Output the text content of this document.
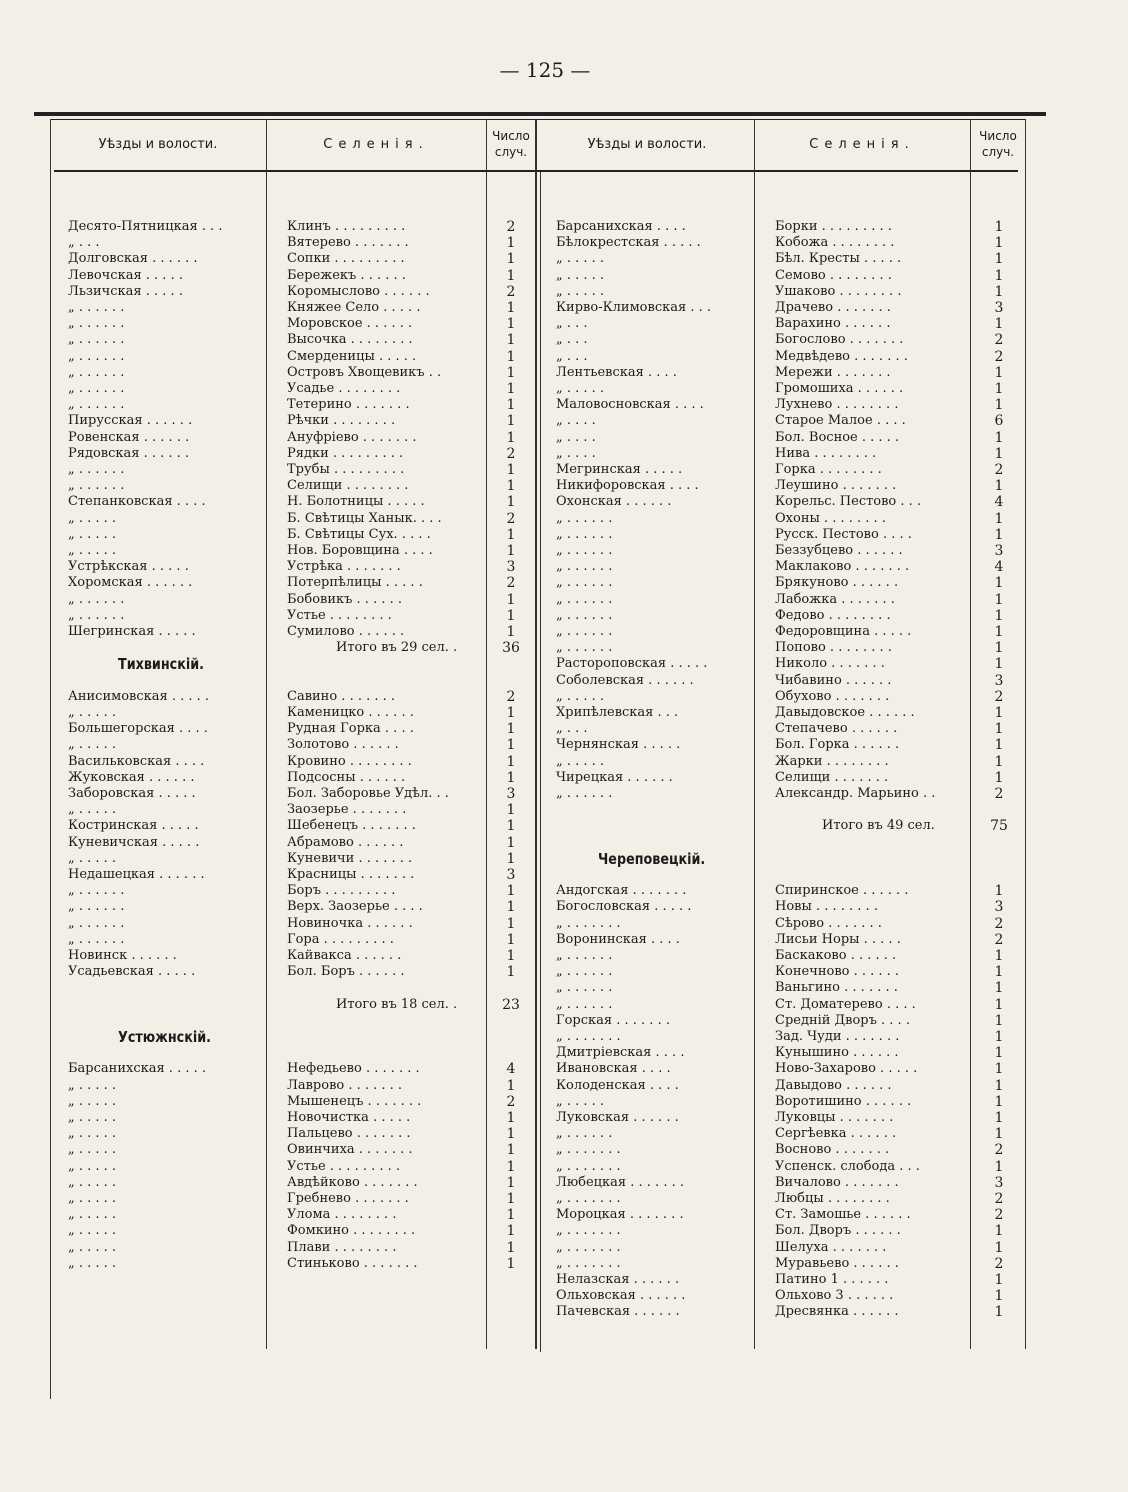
— 125 —
Уѣзды и волости.	Селенія.
Число
случ.
Уѣзды и волости.	Селенія.
Число
случ.
Десято-Пятницкая . . .	Клинъ . . . . . . . . .	2
„ . . .	Вятерево . . . . . . .	1
Долговская . . . . . .	Сопки . . . . . . . . .	1
Левочская . . . . .	Бережекъ . . . . . .	1
Льзичская . . . . .	Коромыслово . . . . . .	2
„ . . . . . .	Княжее Село . . . . .	1
„ . . . . . .	Моровское . . . . . .	1
„ . . . . . .	Высочка . . . . . . . .	1
„ . . . . . .	Смерденицы . . . . .	1
„ . . . . . .	Островъ Хвощевикъ . .	1
„ . . . . . .	Усадье . . . . . . . .	1
„ . . . . . .	Тетерино . . . . . . .	1
Пирусская . . . . . .	Рѣчки . . . . . . . .	1
Ровенская . . . . . .	Ануфріево . . . . . . .	1
Рядовская . . . . . .	Рядки . . . . . . . . .	2
„ . . . . . .	Трубы . . . . . . . . .	1
„ . . . . . .	Селищи . . . . . . . .	1
Степанковская . . . .	Н. Болотницы . . . . .	1
„ . . . . .	Б. Свѣтицы Ханык. . . .	2
„ . . . . .	Б. Свѣтицы Сух. . . . .	1
„ . . . . .	Нов. Боровщина . . . .	1
Устрѣкская . . . . .	Устрѣка . . . . . . .	3
Хоромская . . . . . .	Потерпѣлицы . . . . .	2
„ . . . . . .	Бобовикъ . . . . . .	1
„ . . . . . .	Устье . . . . . . . .	1
Шегринская . . . . .	Сумилово . . . . . .	1
Итого въ 29 сел. .	36
Тихвинскій.
Анисимовская . . . . .	Савино . . . . . . .	2
„ . . . . .	Каменицко . . . . . .	1
Большегорская . . . .	Рудная Горка . . . .	1
„ . . . . .	Золотово . . . . . .	1
Васильковская . . . .	Кровино . . . . . . . .	1
Жуковская . . . . . .	Подсосны . . . . . .	1
Заборовская . . . . .	Бол. Заборовье Удѣл. . .	3
„ . . . . .	Заозерье . . . . . . .	1
Костринская . . . . .	Шебенецъ . . . . . . .	1
Куневичская . . . . .	Абрамово . . . . . .	1
„ . . . . .	Куневичи . . . . . . .	1
Недашецкая . . . . . .	Красницы . . . . . . .	3
„ . . . . . .	Боръ . . . . . . . . .	1
„ . . . . . .	Верх. Заозерье . . . .	1
„ . . . . . .	Новиночка . . . . . .	1
„ . . . . . .	Гора . . . . . . . . .	1
Новинск . . . . . .	Кайвакса . . . . . .	1
Усадьевская . . . . .	Бол. Боръ . . . . . .	1
Итого въ 18 сел. .	23
Устюжнскій.
Барсанихская . . . . .	Нефедьево . . . . . . .	4
„ . . . . .	Лаврово . . . . . . .	1
„ . . . . .	Мышенецъ . . . . . . .	2
„ . . . . .	Новочистка . . . . .	1
„ . . . . .	Пальцево . . . . . . .	1
„ . . . . .	Овинчиха . . . . . . .	1
„ . . . . .	Устье . . . . . . . . .	1
„ . . . . .	Авдѣйково . . . . . . .	1
„ . . . . .	Гребнево . . . . . . .	1
„ . . . . .	Улома . . . . . . . .	1
„ . . . . .	Фомкино . . . . . . . .	1
„ . . . . .	Плави . . . . . . . .	1
„ . . . . .	Стиньково . . . . . . .	1
Барсанихская . . . .	Борки . . . . . . . . .	1
Бѣлокрестская . . . . .	Кобожа . . . . . . . .	1
„ . . . . .	Бѣл. Кресты . . . . .	1
„ . . . . .	Семово . . . . . . . .	1
„ . . . . .	Ушаково . . . . . . . .	1
Кирво-Климовская . . .	Драчево . . . . . . .	3
„ . . .	Варахино . . . . . .	1
„ . . .	Богослово . . . . . . .	2
„ . . .	Медвѣдево . . . . . . .	2
Лентьевская . . . .	Мережи . . . . . . .	1
„ . . . . .	Громошиха . . . . . .	1
Маловосновская . . . .	Лухнево . . . . . . . .	1
„ . . . .	Старое Малое . . . .	6
„ . . . .	Бол. Восное . . . . .	1
„ . . . .	Нива . . . . . . . .	1
Мегринская . . . . .	Горка . . . . . . . .	2
Никифоровская . . . .	Леушино . . . . . . .	1
Охонская . . . . . .	Корельс. Пестово . . .	4
„ . . . . . .	Охоны . . . . . . . .	1
„ . . . . . .	Русск. Пестово . . . .	1
„ . . . . . .	Беззубцево . . . . . .	3
„ . . . . . .	Маклаково . . . . . . .	4
„ . . . . . .	Брякуново . . . . . .	1
„ . . . . . .	Лабожка . . . . . . .	1
„ . . . . . .	Федово . . . . . . . .	1
„ . . . . . .	Федоровщина . . . . .	1
„ . . . . . .	Попово . . . . . . . .	1
Растороповская . . . . .	Николо . . . . . . .	1
Соболевская . . . . . .	Чибавино . . . . . .	3
„ . . . . .	Обухово . . . . . . .	2
Хрипѣлевская . . .	Давыдовское . . . . . .	1
„ . . .	Степачево . . . . . .	1
Чернянская . . . . .	Бол. Горка . . . . . .	1
„ . . . . .	Жарки . . . . . . . .	1
Чирецкая . . . . . .	Селищи . . . . . . .	1
„ . . . . . .	Александр. Марьино . .	2
Итого въ 49 сел.	75
Череповецкій.
Андогская . . . . . . .	Спиринское . . . . . .	1
Богословская . . . . .	Новы . . . . . . . .	3
„ . . . . . . .	Сѣрово . . . . . . .	2
Воронинская . . . .	Лисьи Норы . . . . .	2
„ . . . . . .	Баскаково . . . . . .	1
„ . . . . . .	Конечново . . . . . .	1
„ . . . . . .	Ваньгино . . . . . . .	1
„ . . . . . .	Ст. Доматерево . . . .	1
Горская . . . . . . .	Средній Дворъ . . . .	1
„ . . . . . . .	Зад. Чуди . . . . . . .	1
Дмитріевская . . . .	Кунышино . . . . . .	1
Ивановская . . . .	Ново-Захарово . . . . .	1
Колоденская . . . .	Давыдово . . . . . .	1
„ . . . . .	Воротишино . . . . . .	1
Луковская . . . . . .	Луковцы . . . . . . .	1
„ . . . . . .	Сергѣевка . . . . . .	1
„ . . . . . . .	Восново . . . . . . .	2
„ . . . . . . .	Успенск. слобода . . .	1
Любецкая . . . . . . .	Вичалово . . . . . . .	3
„ . . . . . . .	Любцы . . . . . . . .	2
Мороцкая . . . . . . .	Ст. Замошье . . . . . .	2
„ . . . . . . .	Бол. Дворъ . . . . . .	1
„ . . . . . . .	Шелуха . . . . . . .	1
„ . . . . . . .	Муравьево . . . . . .	2
Нелазская . . . . . .	Патино 1 . . . . . .	1
Ольховская . . . . . .	Ольхово 3 . . . . . .	1
Пачевская . . . . . .	Дресвянка . . . . . .	1
